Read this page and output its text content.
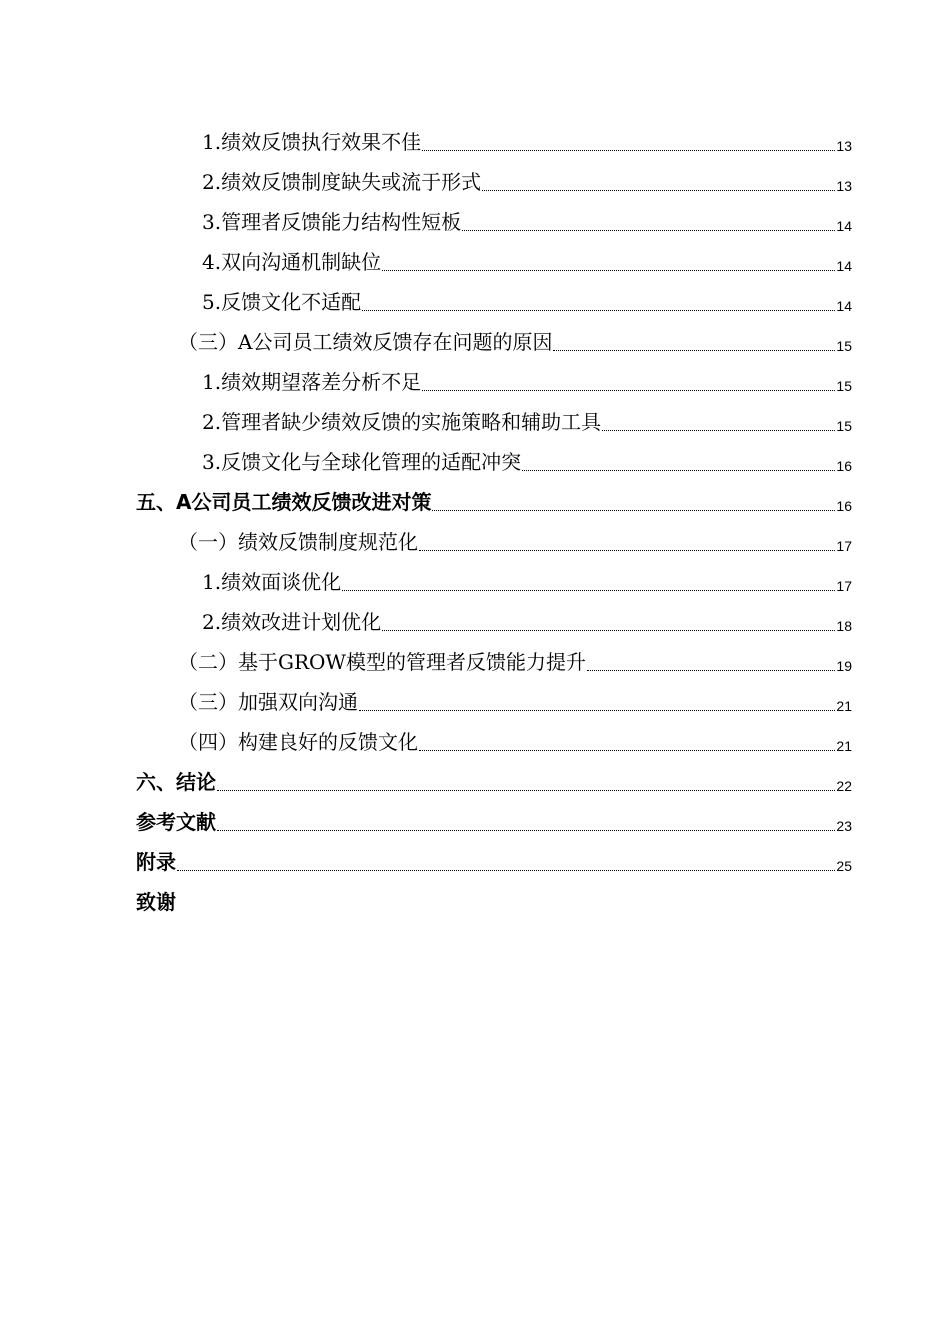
1.绩效反馈执行效果不佳	13
2.绩效反馈制度缺失或流于形式	13
3.管理者反馈能力结构性短板	14
4.双向沟通机制缺位	14
5.反馈文化不适配	14
（三）A公司员工绩效反馈存在问题的原因	15
1.绩效期望落差分析不足	15
2.管理者缺少绩效反馈的实施策略和辅助工具	15
3.反馈文化与全球化管理的适配冲突	16
五、A公司员工绩效反馈改进对策	16
（一）绩效反馈制度规范化	17
1.绩效面谈优化	17
2.绩效改进计划优化	18
（二）基于GROW模型的管理者反馈能力提升	19
（三）加强双向沟通	21
（四）构建良好的反馈文化	21
六、结论	22
参考文献	23
附录	25
致谢
